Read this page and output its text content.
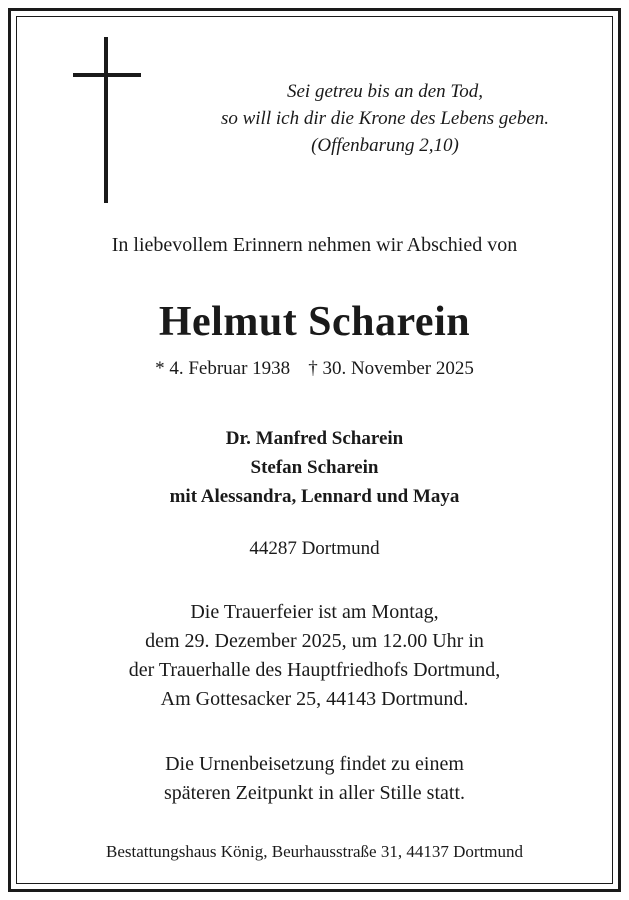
Sei getreu bis an den Tod,
so will ich dir die Krone des Lebens geben.
(Offenbarung 2,10)
In liebevollem Erinnern nehmen wir Abschied von
Helmut Scharein
* 4. Februar 1938 † 30. November 2025
Dr. Manfred Scharein
Stefan Scharein
mit Alessandra, Lennard und Maya
44287 Dortmund
Die Trauerfeier ist am Montag,
dem 29. Dezember 2025, um 12.00 Uhr in
der Trauerhalle des Hauptfriedhofs Dortmund,
Am Gottesacker 25, 44143 Dortmund.
Die Urnenbeisetzung findet zu einem
späteren Zeitpunkt in aller Stille statt.
Bestattungshaus König, Beurhausstraße 31, 44137 Dortmund
